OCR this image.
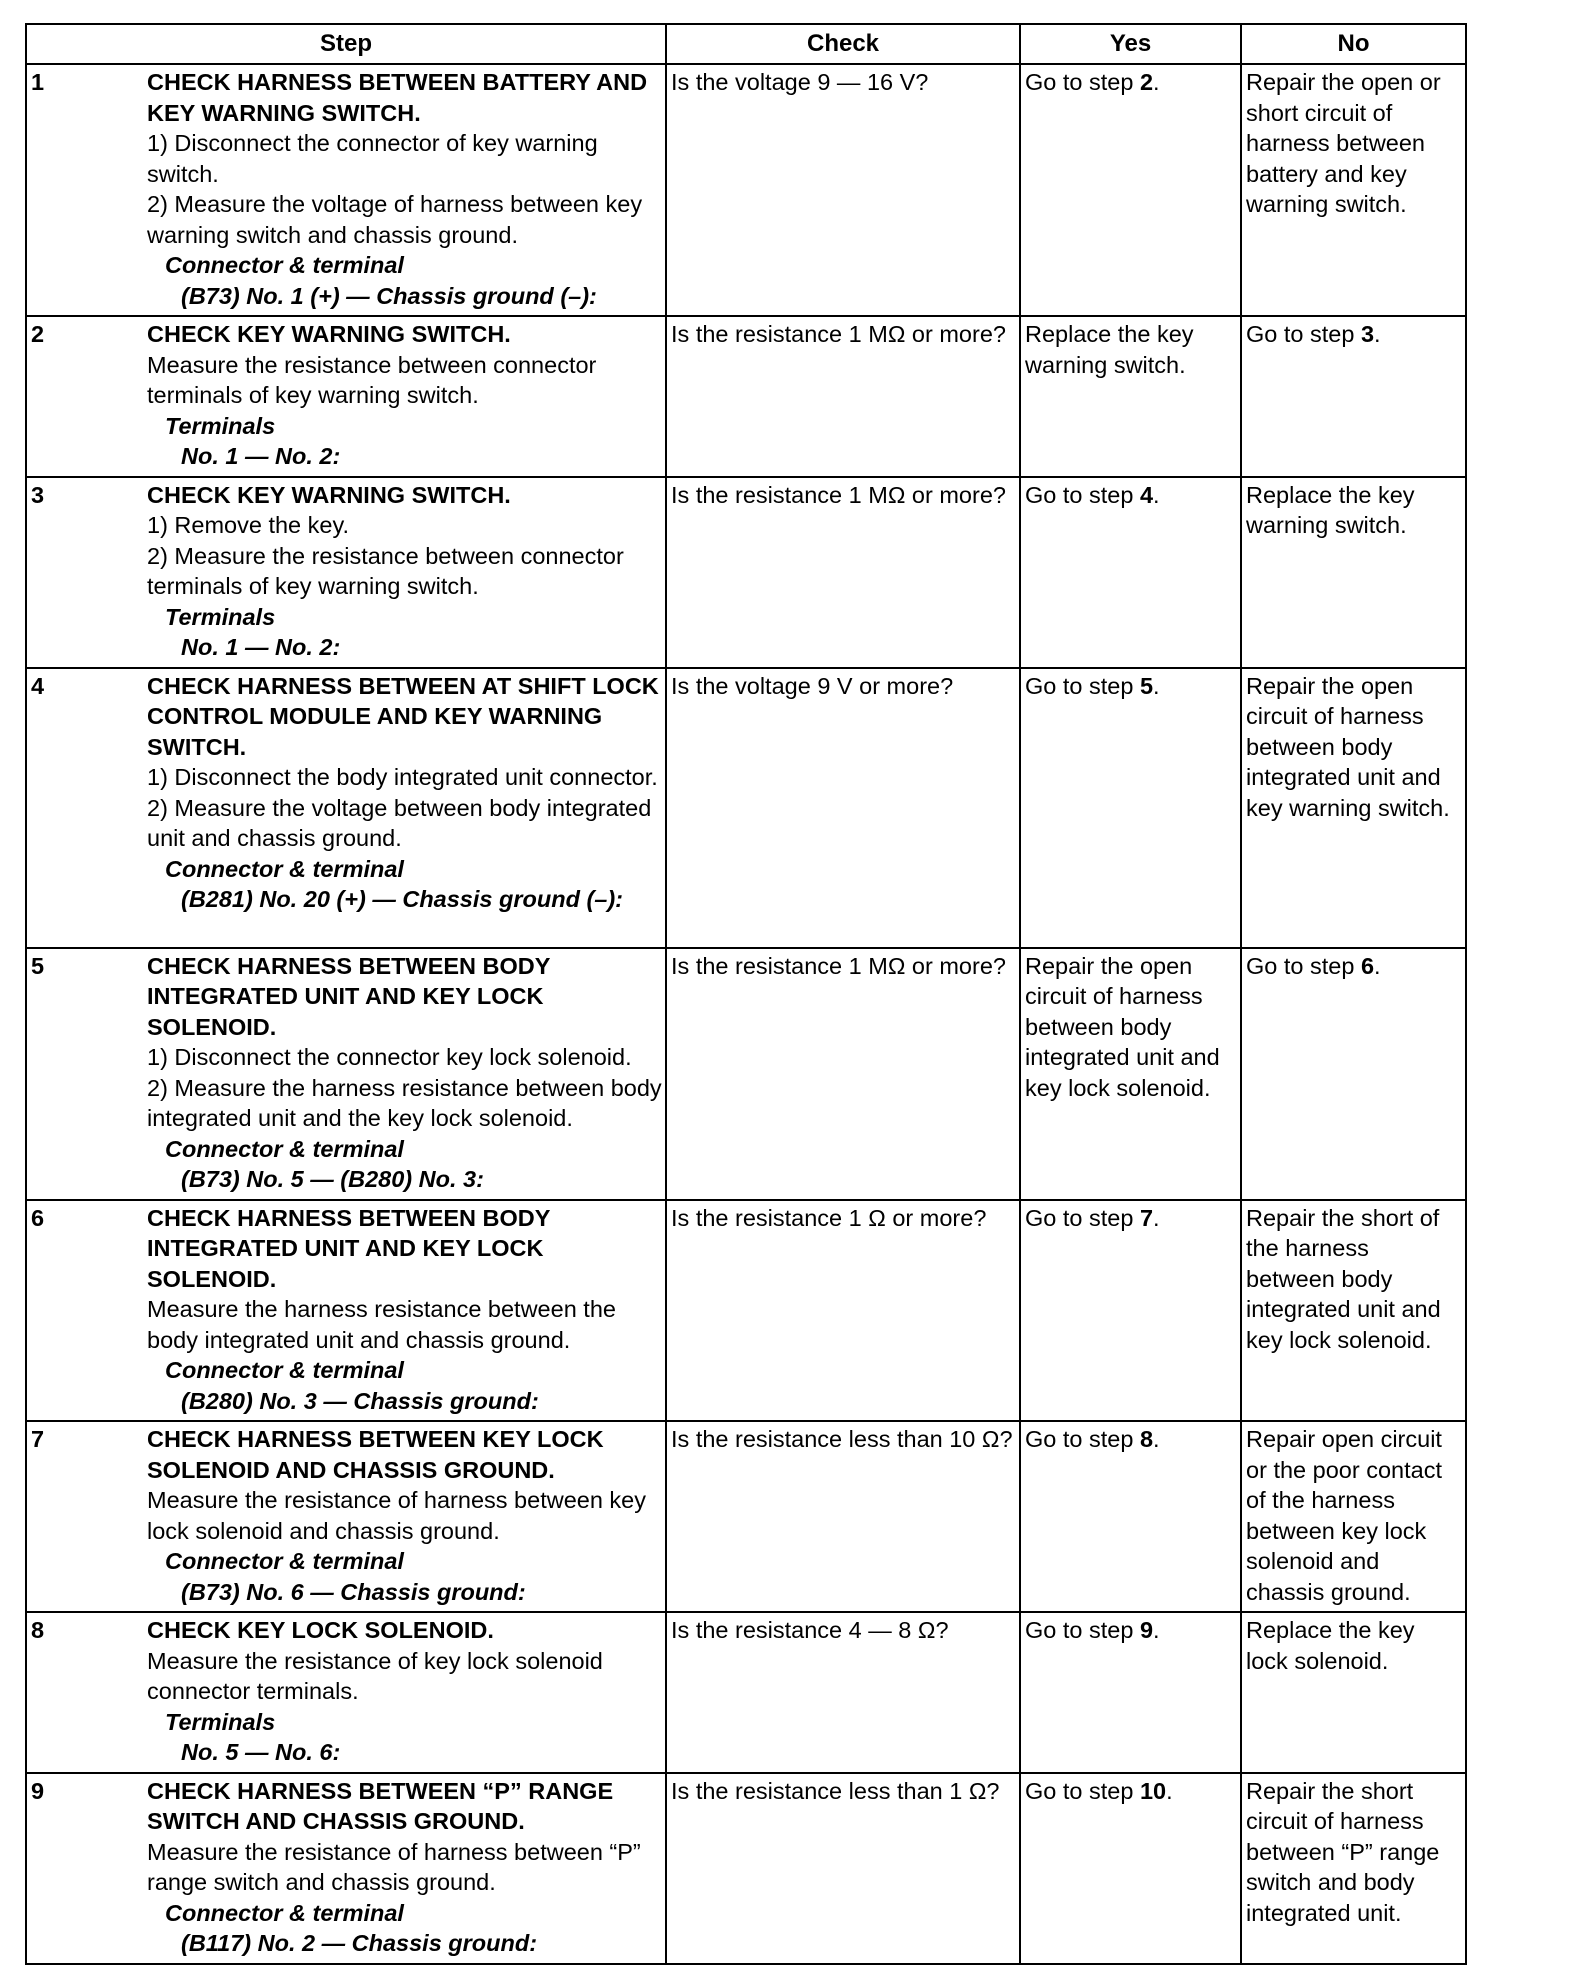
Step		Check	Yes	No
1	CHECK HARNESS BETWEEN BATTERY AND KEY WARNING SWITCH.
1) Disconnect the connector of key warning switch.
2) Measure the voltage of harness between key warning switch and chassis ground.
Connector & terminal
(B73) No. 1 (+) — Chassis ground (–):	Is the voltage 9 — 16 V?	Go to step 2.	Repair the open or short circuit of harness between battery and key warning switch.

2	CHECK KEY WARNING SWITCH.
Measure the resistance between connector terminals of key warning switch.
Terminals
No. 1 — No. 2:	Is the resistance 1 MΩ or more?	Replace the key warning switch.	Go to step 3.

3	CHECK KEY WARNING SWITCH.
1) Remove the key.
2) Measure the resistance between connector terminals of key warning switch.
Terminals
No. 1 — No. 2:	Is the resistance 1 MΩ or more?	Go to step 4.	Replace the key warning switch.

4	CHECK HARNESS BETWEEN AT SHIFT LOCK CONTROL MODULE AND KEY WARNING SWITCH.
1) Disconnect the body integrated unit connector.
2) Measure the voltage between body integrated unit and chassis ground.
Connector & terminal
(B281) No. 20 (+) — Chassis ground (–):	Is the voltage 9 V or more?	Go to step 5.	Repair the open circuit of harness between body integrated unit and key warning switch.

5	CHECK HARNESS BETWEEN BODY INTEGRATED UNIT AND KEY LOCK SOLENOID.
1) Disconnect the connector key lock solenoid.
2) Measure the harness resistance between body integrated unit and the key lock solenoid.
Connector & terminal
(B73) No. 5 — (B280) No. 3:	Is the resistance 1 MΩ or more?	Repair the open circuit of harness between body integrated unit and key lock solenoid.	Go to step 6.

6	CHECK HARNESS BETWEEN BODY INTEGRATED UNIT AND KEY LOCK SOLENOID.
Measure the harness resistance between the body integrated unit and chassis ground.
Connector & terminal
(B280) No. 3 — Chassis ground:	Is the resistance 1 Ω or more?	Go to step 7.	Repair the short of the harness between body integrated unit and key lock solenoid.

7	CHECK HARNESS BETWEEN KEY LOCK SOLENOID AND CHASSIS GROUND.
Measure the resistance of harness between key lock solenoid and chassis ground.
Connector & terminal
(B73) No. 6 — Chassis ground:	Is the resistance less than 10 Ω?	Go to step 8.	Repair open circuit or the poor contact of the harness between key lock solenoid and chassis ground.

8	CHECK KEY LOCK SOLENOID.
Measure the resistance of key lock solenoid connector terminals.
Terminals
No. 5 — No. 6:	Is the resistance 4 — 8 Ω?	Go to step 9.	Replace the key lock solenoid.

9	CHECK HARNESS BETWEEN “P” RANGE SWITCH AND CHASSIS GROUND.
Measure the resistance of harness between “P” range switch and chassis ground.
Connector & terminal
(B117) No. 2 — Chassis ground:	Is the resistance less than 1 Ω?	Go to step 10.	Repair the short circuit of harness between “P” range switch and body integrated unit.
